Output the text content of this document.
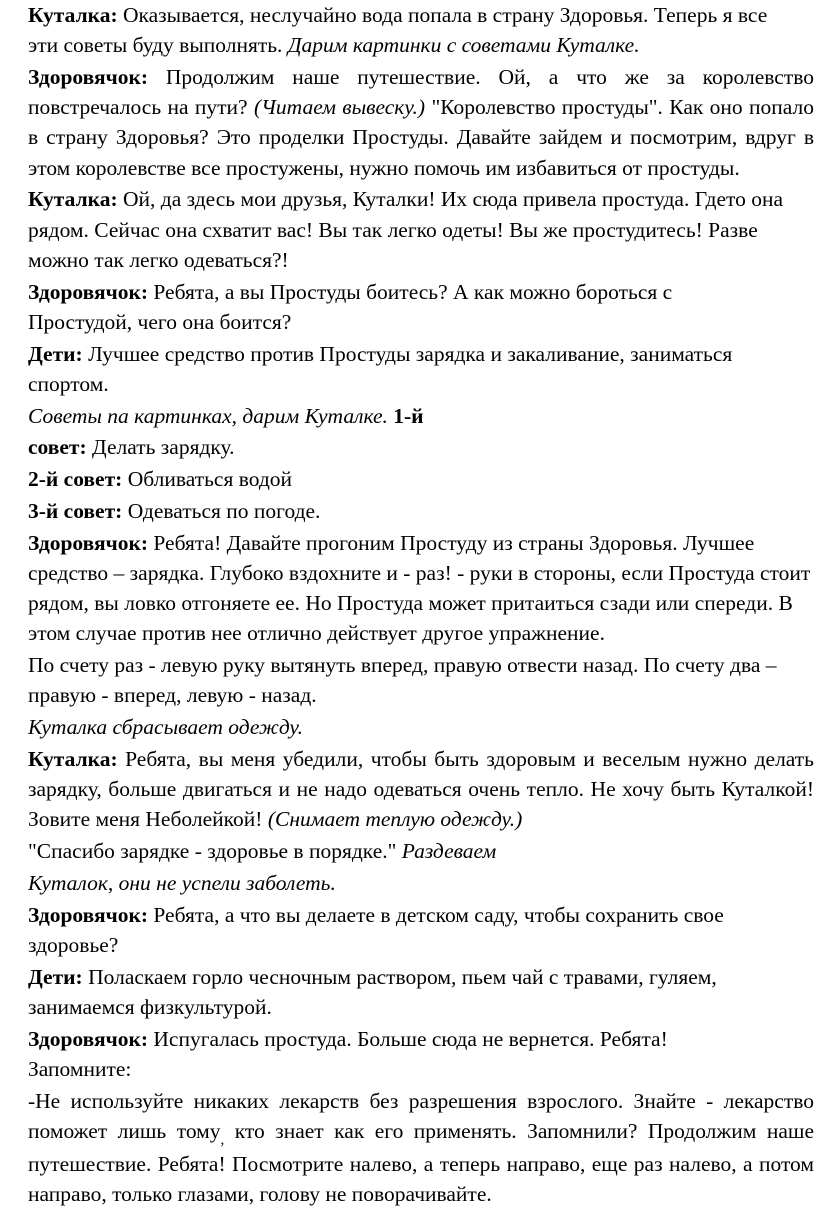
Куталка: Оказывается, неслучайно вода попала в страну Здоровья. Теперь я все эти советы буду выполнять. Дарим картинки с советами Куталке.

Здоровячок: Продолжим наше путешествие. Ой, а что же за королевство повстречалось на пути? (Читаем вывеску.) "Королевство простуды". Как оно попало в страну Здоровья? Это проделки Простуды. Давайте зайдем и посмотрим, вдруг в этом королевстве все простужены, нужно помочь им избавиться от простуды.

Куталка: Ой, да здесь мои друзья, Куталки! Их сюда привела простуда. Гдето она рядом. Сейчас она схватит вас! Вы так легко одеты! Вы же простудитесь! Разве можно так легко одеваться?!

Здоровячок: Ребята, а вы Простуды боитесь? А как можно бороться с Простудой, чего она боится?

Дети: Лучшее средство против Простуды зарядка и закаливание, заниматься спортом.

Советы па картинках, дарим Куталке. 1-й

совет: Делать зарядку.

2-й совет: Обливаться водой

3-й совет: Одеваться по погоде.

Здоровячок: Ребята! Давайте прогоним Простуду из страны Здоровья. Лучшее средство – зарядка. Глубоко вздохните и - раз! - руки в стороны, если Простуда стоит рядом, вы ловко отгоняете ее. Но Простуда может притаиться сзади или спереди. В этом случае против нее отлично действует другое упражнение.

По счету раз - левую руку вытянуть вперед, правую отвести назад. По счету два – правую - вперед, левую - назад.

Куталка сбрасывает одежду.

Куталка: Ребята, вы меня убедили, чтобы быть здоровым и веселым нужно делать зарядку, больше двигаться и не надо одеваться очень тепло. Не хочу быть Куталкой! Зовите меня Неболейкой! (Снимает теплую одежду.)

"Спасибо зарядке - здоровье в порядке." Раздеваем

Куталок, они не успели заболеть.

Здоровячок: Ребята, а что вы делаете в детском саду, чтобы сохранить свое здоровье?

Дети: Поласкаем горло чесночным раствором, пьем чай с травами, гуляем, занимаемся физкультурой.

Здоровячок: Испугалась простуда. Больше сюда не вернется. Ребята! Запомните:

-Не используйте никаких лекарств без разрешения взрослого. Знайте - лекарство поможет лишь тому$_,$ кто знает как его применять. Запомнили? Продолжим наше путешествие. Ребята! Посмотрите налево, а теперь направо, еще раз налево, а потом направо, только глазами, голову не поворачивайте.
